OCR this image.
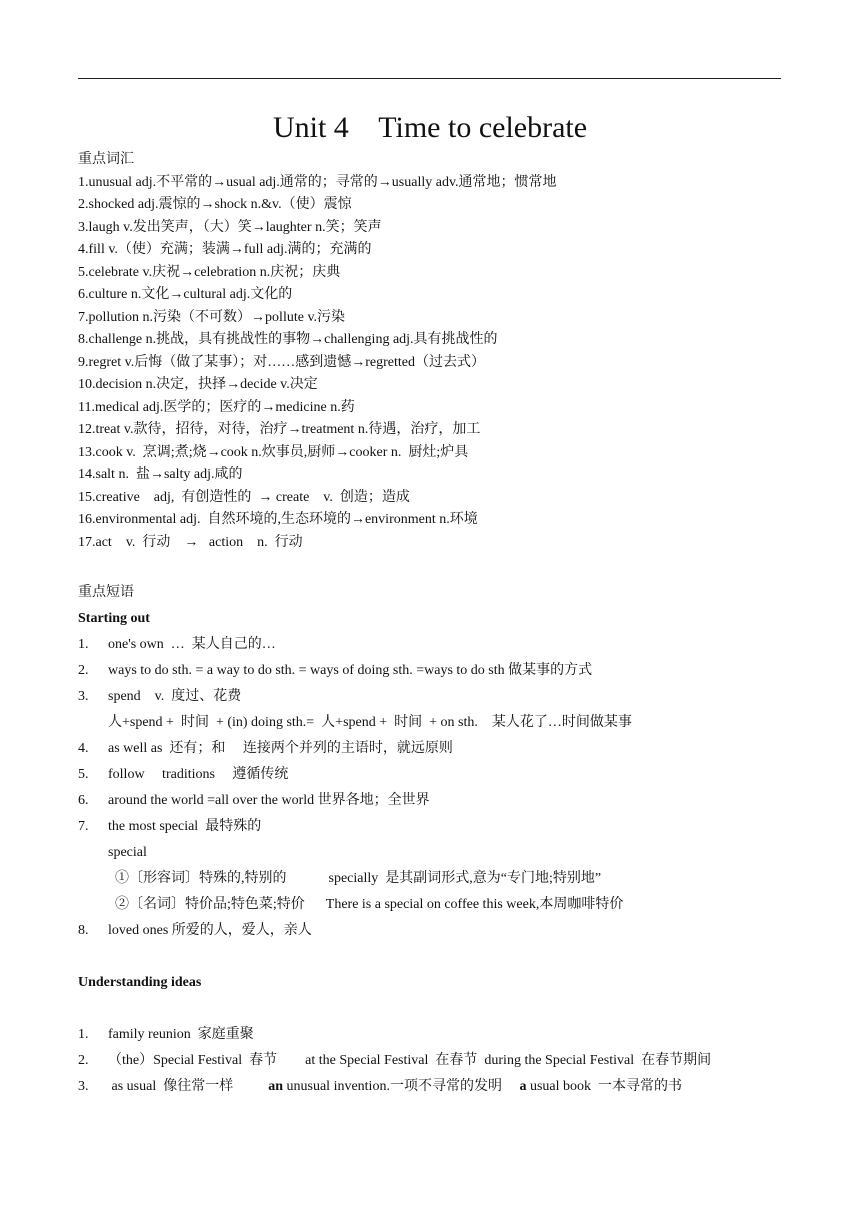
Unit 4    Time to celebrate
重点词汇
1.unusual adj.不平常的→usual adj.通常的；寻常的→usually adv.通常地；惯常地
2.shocked adj.震惊的→shock n.&v.（使）震惊
3.laugh v.发出笑声，（大）笑→laughter n.笑；笑声
4.fill v.（使）充满；装满→full adj.满的；充满的
5.celebrate v.庆祝→celebration n.庆祝；庆典
6.culture n.文化→cultural adj.文化的
7.pollution n.污染（不可数）→pollute v.污染
8.challenge n.挑战，具有挑战性的事物→challenging adj.具有挑战性的
9.regret v.后悔（做了某事）；对……感到遗憾→regretted（过去式）
10.decision n.决定，抉择→decide v.决定
11.medical adj.医学的；医疗的→medicine n.药
12.treat v.款待，招待，对待，治疗→treatment n.待遇，治疗，加工
13.cook v.  烹调;煮;烧→cook n.炊事员,厨师→cooker n.  厨灶;炉具
14.salt n.  盐→salty adj.咸的
15.creative    adj,  有创造性的  → create    v.  创造；造成
16.environmental adj.  自然环境的,生态环境的→environment n.环境
17.act    v.  行动    →   action    n.  行动
重点短语
Starting out
1. one's own  …  某人自己的…
2. ways to do sth. = a way to do sth. = ways of doing sth. =ways to do sth 做某事的方式
3. spend    v.  度过、花费
人+spend +  时间  + (in) doing sth.=  人+spend +  时间  + on sth.    某人花了…时间做某事
4. as well as  还有；和     连接两个并列的主语时，就远原则
5. follow     traditions     遵循传统
6. around the world =all over the world 世界各地；全世界
7. the most special  最特殊的
special
①〔形容词〕特殊的,特别的            specially  是其副词形式,意为“专门地;特别地”
②〔名词〕特价品;特色菜;特价      There is a special on coffee this week,本周咖啡特价
8. loved ones 所爱的人，爱人，亲人
Understanding ideas
1. family reunion  家庭重聚
2. （the）Special Festival  春节        at the Special Festival  在春节  during the Special Festival  在春节期间
3. as usual  像往常一样          an unusual invention.一项不寻常的发明     a usual book  一本寻常的书
